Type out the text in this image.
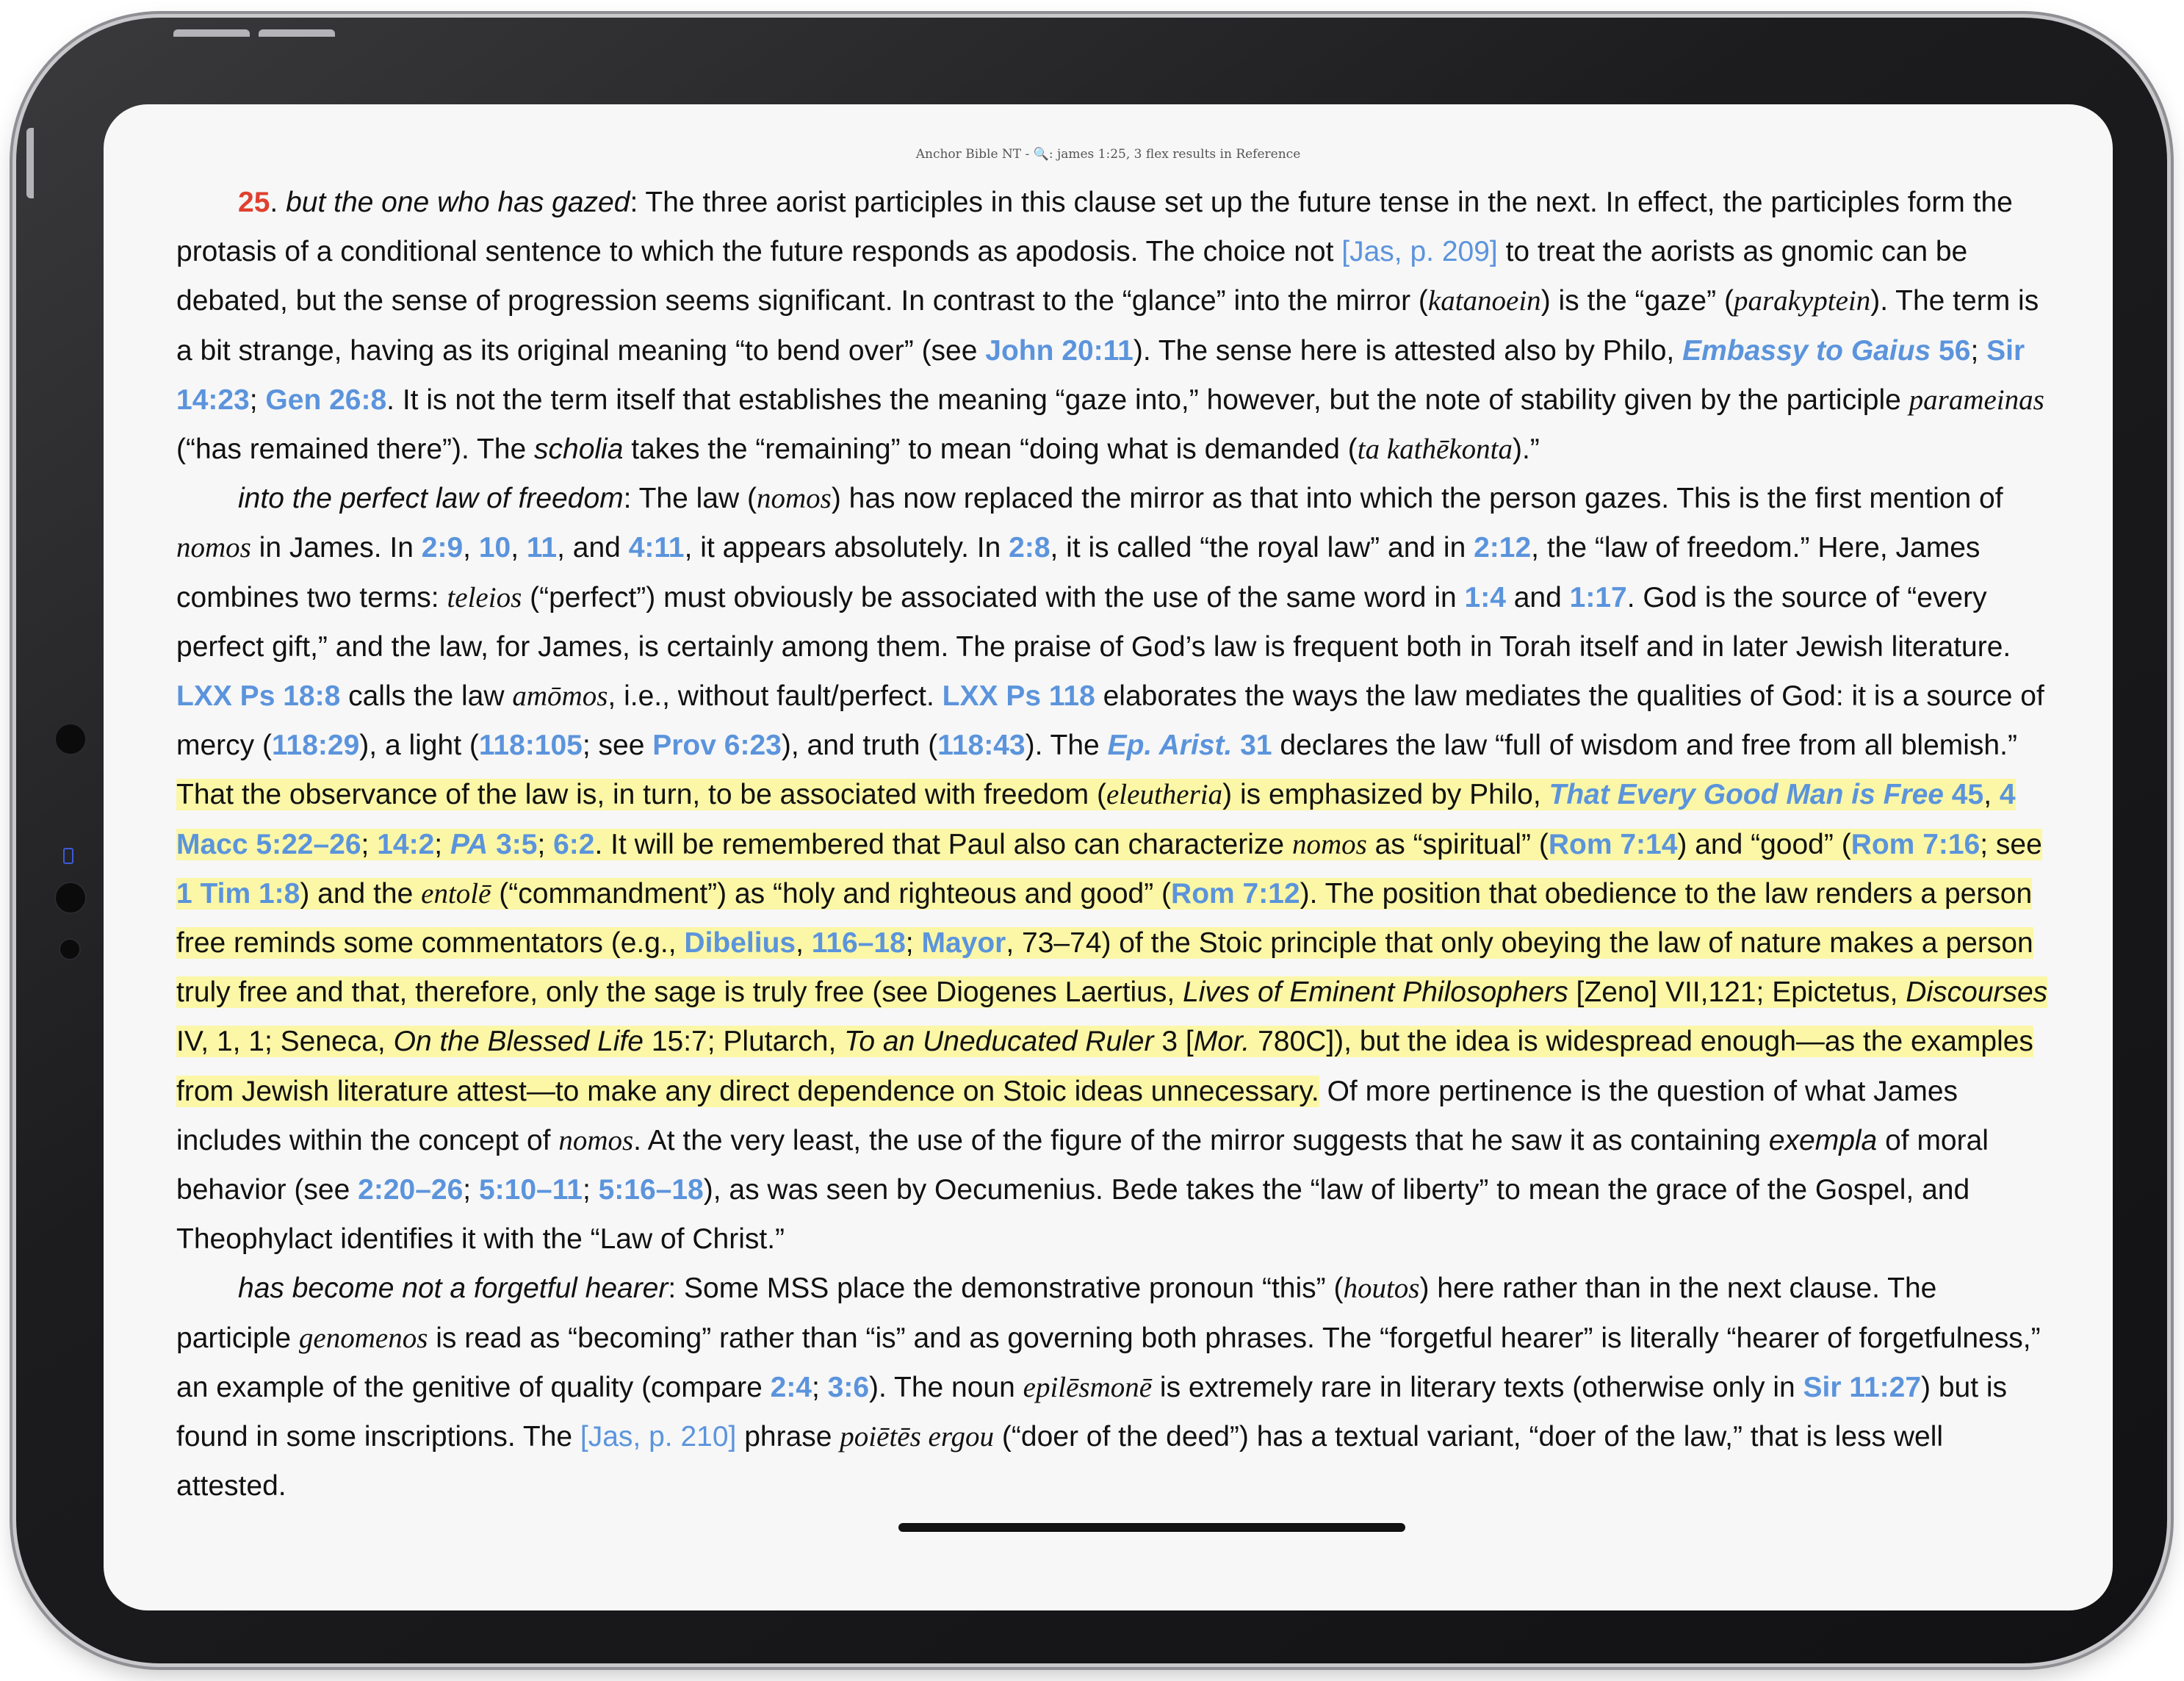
Anchor Bible NT - 🔍: james 1:25, 3 flex results in Reference

25. but the one who has gazed: The three aorist participles in this clause set up the future tense in the next. In effect, the participles form the protasis of a conditional sentence to which the future responds as apodosis. The choice not [Jas, p. 209] to treat the aorists as gnomic can be debated, but the sense of progression seems significant. In contrast to the “glance” into the mirror (katanoein) is the “gaze” (parakyptein). The term is a bit strange, having as its original meaning “to bend over” (see John 20:11). The sense here is attested also by Philo, Embassy to Gaius 56; Sir 14:23; Gen 26:8. It is not the term itself that establishes the meaning “gaze into,” however, but the note of stability given by the participle parameinas (“has remained there”). The scholia takes the “remaining” to mean “doing what is demanded (ta kathēkonta).”

into the perfect law of freedom: The law (nomos) has now replaced the mirror as that into which the person gazes. This is the first mention of nomos in James. In 2:9, 10, 11, and 4:11, it appears absolutely. In 2:8, it is called “the royal law” and in 2:12, the “law of freedom.” Here, James combines two terms: teleios (“perfect”) must obviously be associated with the use of the same word in 1:4 and 1:17. God is the source of “every perfect gift,” and the law, for James, is certainly among them. The praise of God’s law is frequent both in Torah itself and in later Jewish literature. LXX Ps 18:8 calls the law amōmos, i.e., without fault/perfect. LXX Ps 118 elaborates the ways the law mediates the qualities of God: it is a source of mercy (118:29), a light (118:105; see Prov 6:23), and truth (118:43). The Ep. Arist. 31 declares the law “full of wisdom and free from all blemish.” That the observance of the law is, in turn, to be associated with freedom (eleutheria) is emphasized by Philo, That Every Good Man is Free 45, 4 Macc 5:22–26; 14:2; PA 3:5; 6:2. It will be remembered that Paul also can characterize nomos as “spiritual” (Rom 7:14) and “good” (Rom 7:16; see 1 Tim 1:8) and the entolē (“commandment”) as “holy and righteous and good” (Rom 7:12). The position that obedience to the law renders a person free reminds some commentators (e.g., Dibelius, 116–18; Mayor, 73–74) of the Stoic principle that only obeying the law of nature makes a person truly free and that, therefore, only the sage is truly free (see Diogenes Laertius, Lives of Eminent Philosophers [Zeno] VII,121; Epictetus, Discourses IV, 1, 1; Seneca, On the Blessed Life 15:7; Plutarch, To an Uneducated Ruler 3 [Mor. 780C]), but the idea is widespread enough—as the examples from Jewish literature attest—to make any direct dependence on Stoic ideas unnecessary. Of more pertinence is the question of what James includes within the concept of nomos. At the very least, the use of the figure of the mirror suggests that he saw it as containing exempla of moral behavior (see 2:20–26; 5:10–11; 5:16–18), as was seen by Oecumenius. Bede takes the “law of liberty” to mean the grace of the Gospel, and Theophylact identifies it with the “Law of Christ.”

has become not a forgetful hearer: Some MSS place the demonstrative pronoun “this” (houtos) here rather than in the next clause. The participle genomenos is read as “becoming” rather than “is” and as governing both phrases. The “forgetful hearer” is literally “hearer of forgetfulness,” an example of the genitive of quality (compare 2:4; 3:6). The noun epilēsmonē is extremely rare in literary texts (otherwise only in Sir 11:27) but is found in some inscriptions. The [Jas, p. 210] phrase poiētēs ergou (“doer of the deed”) has a textual variant, “doer of the law,” that is less well attested.
